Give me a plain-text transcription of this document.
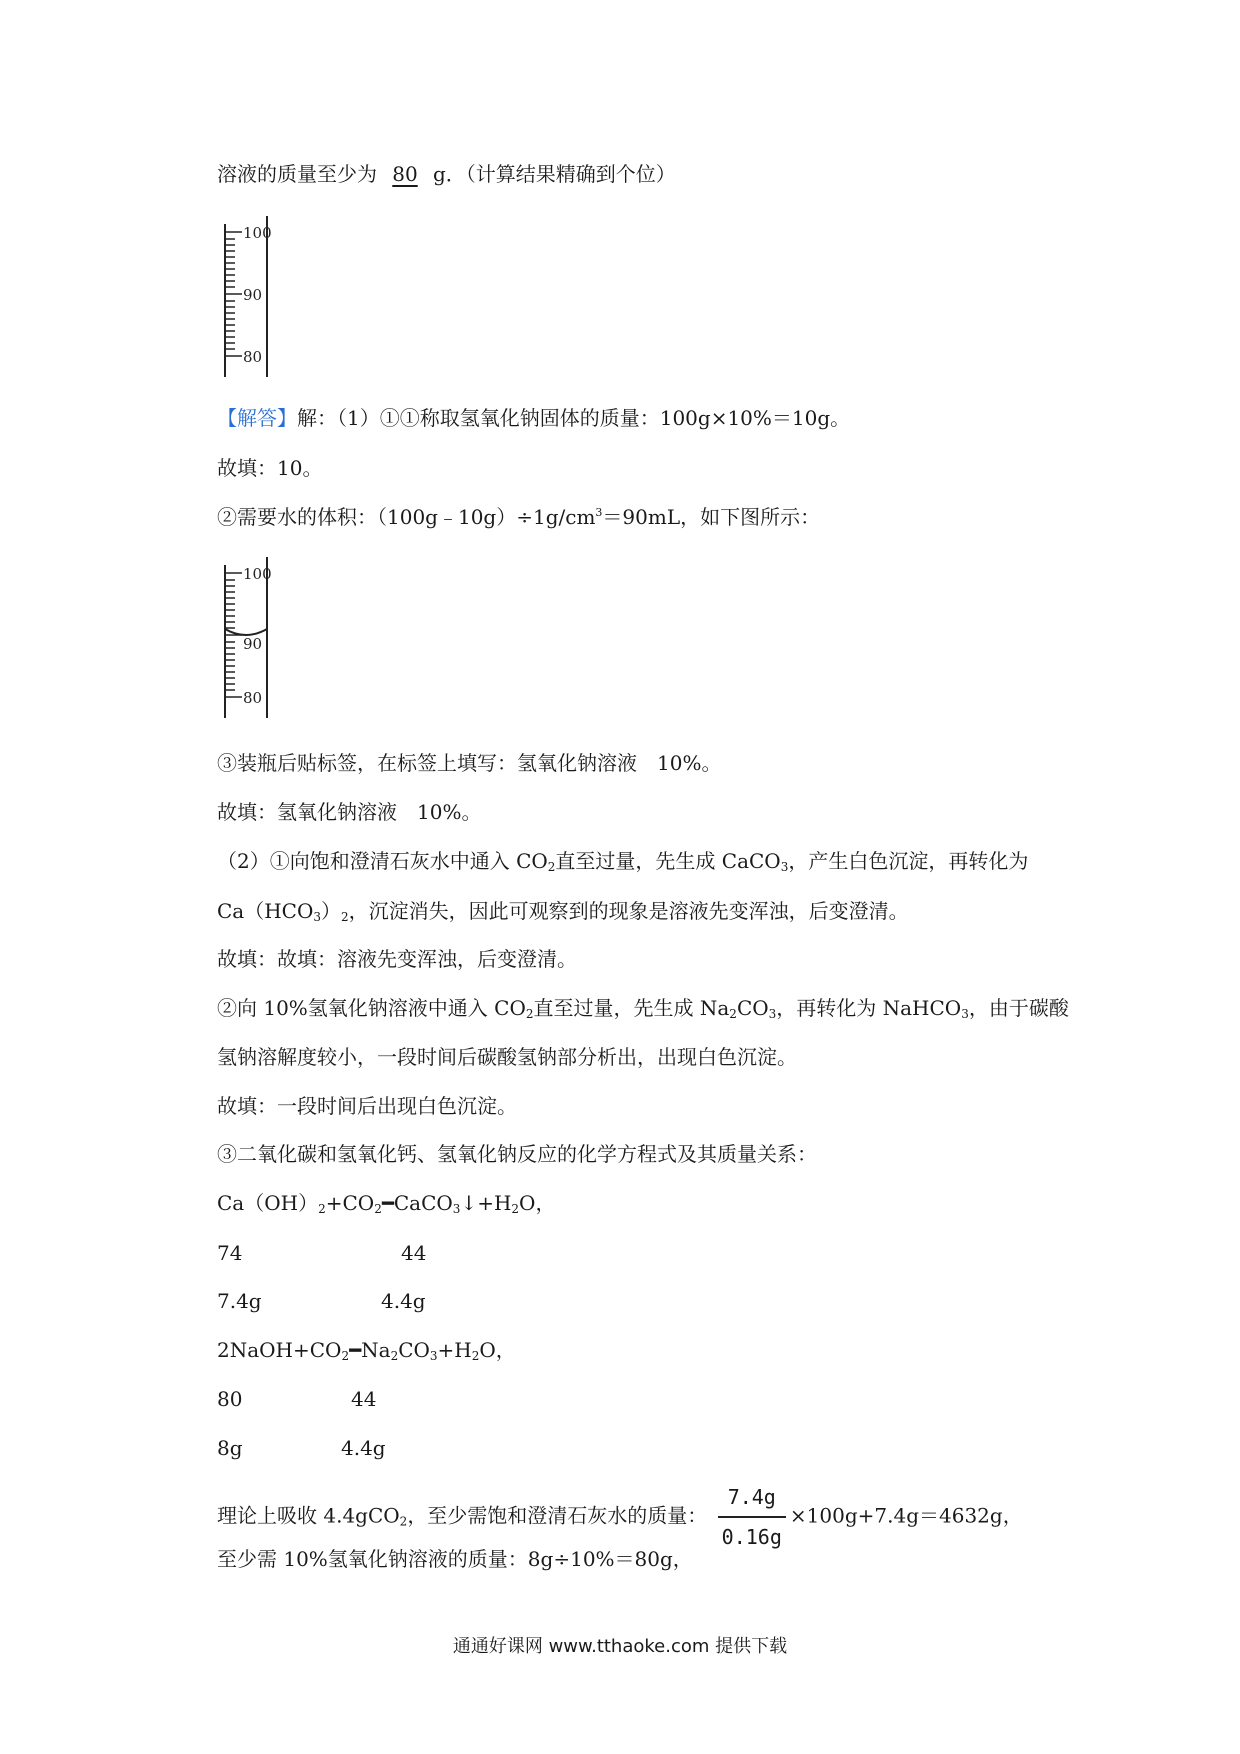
溶液的质量至少为 80 g．（计算结果精确到个位）
100
90
80
【解答】解：（1）①①称取氢氧化钠固体的质量：100g×10%＝10g。
故填：10。
②需要水的体积：$(100g﹣10g)\div 1g/cm^3=90mL$，如下图所示：
100
90
80
③装瓶后贴标签，在标签上填写：氢氧化钠溶液　10%。
故填：氢氧化钠溶液　10%。
（2）①向饱和澄清石灰水中通入 $CO_2$直至过量，先生成 CaCO$_3$，产生白色沉淀，再转化为
$Ca(HCO_3)_2$，沉淀消失，因此可观察到的现象是溶液先变浑浊，后变澄清。
故填：故填：溶液先变浑浊，后变澄清。
②向 10%氢氧化钠溶液中通入 $CO_2$直至过量，先生成 $Na_2CO_3$，再转化为 NaHCO$_3$，由于碳酸
氢钠溶解度较小，一段时间后碳酸氢钠部分析出，出现白色沉淀。
故填：一段时间后出现白色沉淀。
③二氧化碳和氢氧化钙、氢氧化钠反应的化学方程式及其质量关系：
$Ca(OH)_2+CO_2━CaCO_3↓+H_2O$，
74	44
7.4g	4.4g
$2NaOH+CO_2━Na_2CO_3+H_2O$，
80	44
8g	4.4g
理论上吸收 4.4gCO$_2$，至少需饱和澄清石灰水的质量： $\frac{7.4g}{0.16g} \times 100g+7.4g=4632g$，
至少需 10%氢氧化钠溶液的质量：8g÷10%＝80g，
通通好课网 www.tthaoke.com 提供下载
